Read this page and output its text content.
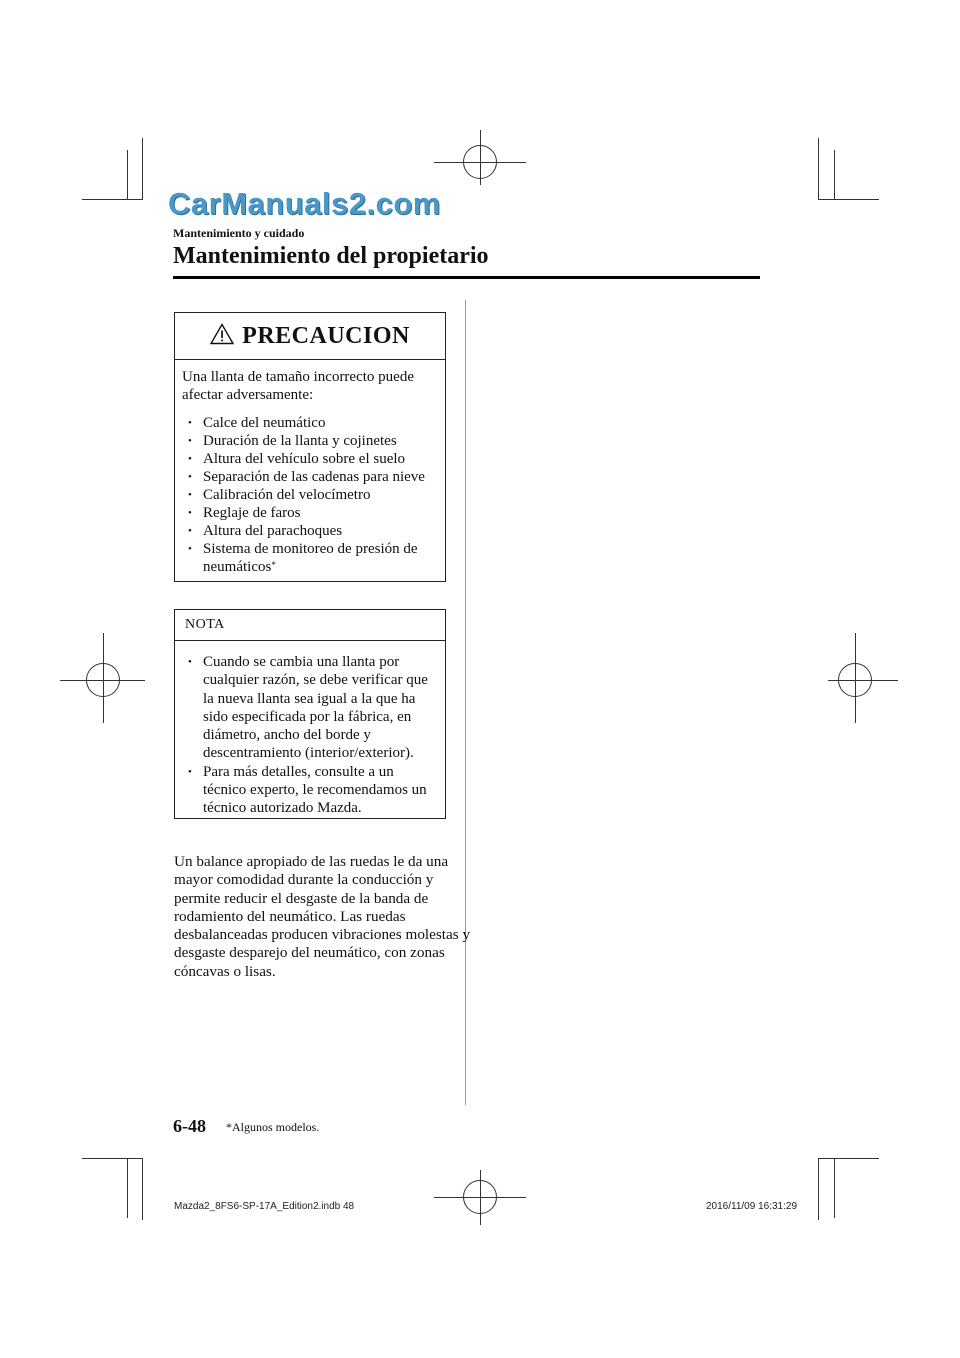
CarManuals2.com
Mantenimiento y cuidado
Mantenimiento del propietario
PRECAUCION
Una llanta de tamaño incorrecto puede afectar adversamente:
• Calce del neumático
• Duración de la llanta y cojinetes
• Altura del vehículo sobre el suelo
• Separación de las cadenas para nieve
• Calibración del velocímetro
• Reglaje de faros
• Altura del parachoques
• Sistema de monitoreo de presión de neumáticos*
NOTA
• Cuando se cambia una llanta por cualquier razón, se debe verificar que la nueva llanta sea igual a la que ha sido especificada por la fábrica, en diámetro, ancho del borde y descentramiento (interior/exterior).
• Para más detalles, consulte a un técnico experto, le recomendamos un técnico autorizado Mazda.
Un balance apropiado de las ruedas le da una mayor comodidad durante la conducción y permite reducir el desgaste de la banda de rodamiento del neumático. Las ruedas desbalanceadas producen vibraciones molestas y desgaste desparejo del neumático, con zonas cóncavas o lisas.
6-48 *Algunos modelos.
Mazda2_8FS6-SP-17A_Edition2.indb 48	2016/11/09 16:31:29
